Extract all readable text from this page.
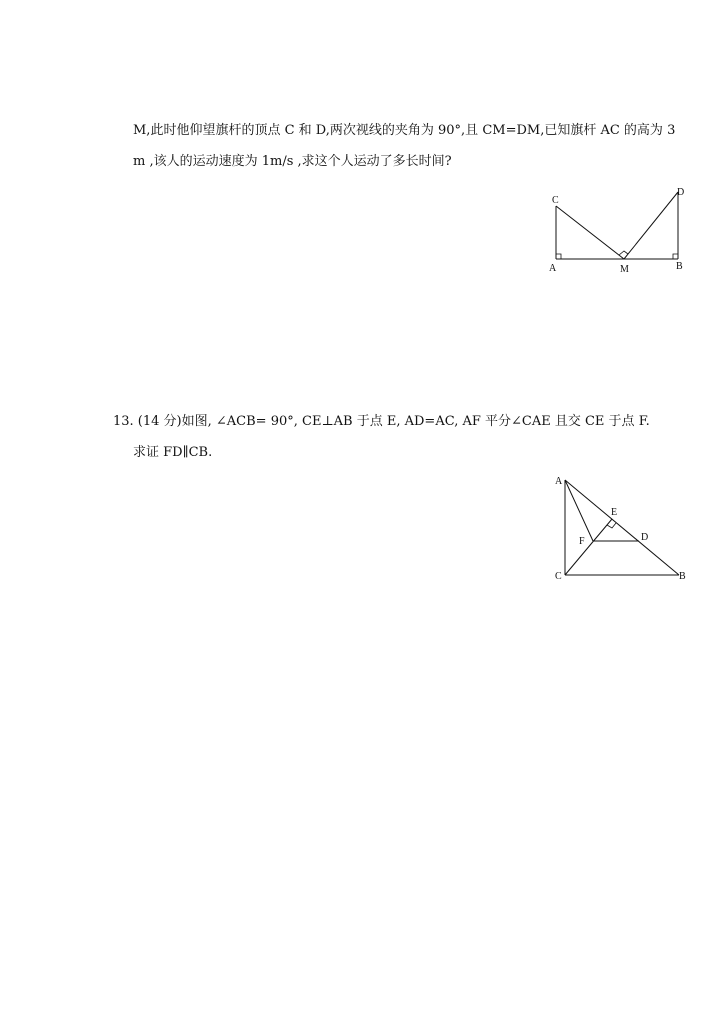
M,此时他仰望旗杆的顶点 C 和 D,两次视线的夹角为 90°,且 CM=DM,已知旗杆 AC 的高为 3
m ,该人的运动速度为 1m/s ,求这个人运动了多长时间?
C
D
A	M	B
13. (14 分)如图, ∠ACB= 90°, CE⊥AB 于点 E, AD=AC, AF 平分∠CAE 且交 CE 于点 F.
求证 FD∥CB.
A
E
F	D
C	B
